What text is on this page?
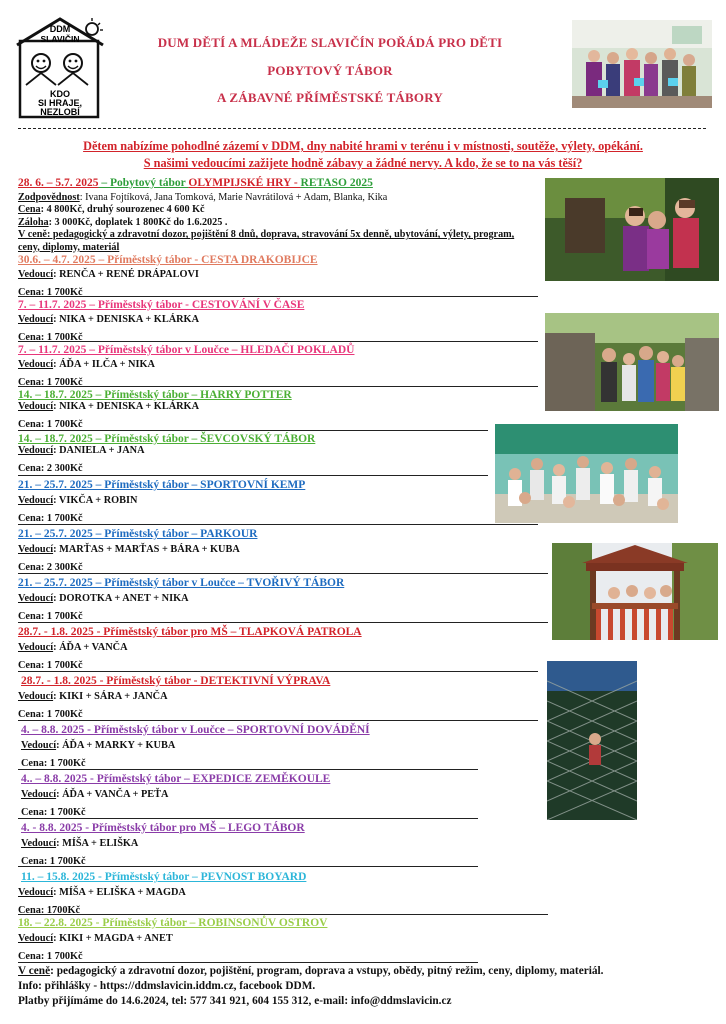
DDM
SLAVIČIN
KDO
SI HRAJE,
NEZLOBÍ
DUM DĚTÍ A MLÁDEŽE SLAVIČÍN POŘÁDÁ PRO DĚTI
POBYTOVÝ TÁBOR
A ZÁBAVNÉ PŘÍMĚSTSKÉ TÁBORY
Dětem nabízíme pohodlné zázemí v DDM, dny nabité hrami v terénu i v místnosti, soutěže, výlety, opékání.
S našimi vedoucími zažijete hodně zábavy a žádné nervy. A kdo, že se to na vás těší?
28. 6. – 5.7. 2025 – Pobytový tábor OLYMPIJSKÉ HRY - RETASO 2025
Zodpovědnost: Ivana Fojtíková, Jana Tomková, Marie Navrátilová + Adam, Blanka, Kika
Cena: 4 800Kč, druhý sourozenec 4 600 Kč
Záloha: 3 000Kč, doplatek 1 800Kč do 1.6.2025 .
V ceně: pedagogický a zdravotní dozor, pojištění 8 dnů, doprava, stravování 5x denně, ubytování, výlety, program,
ceny, diplomy, materiál
30.6. – 4.7. 2025 – Příměstský tábor - CESTA DRAKOBIJCE
Vedoucí: RENČA + RENÉ DRÁPALOVI
Cena: 1 700Kč
7. – 11.7. 2025 – Příměstský tábor - CESTOVÁNÍ V ČASE
Vedoucí: NIKA + DENISKA + KLÁRKA
Cena: 1 700Kč
7. – 11.7. 2025 – Příměstský tábor v Loučce – HLEDAČI POKLADŮ
Vedoucí: ÁĎA + ILČA + NIKA
Cena: 1 700Kč
14. – 18.7. 2025 – Příměstský tábor – HARRY POTTER
Vedoucí: NIKA + DENISKA + KLÁRKA
Cena: 1 700Kč
14. – 18.7. 2025 – Příměstský tábor – ŠEVCOVSKÝ TÁBOR
Vedoucí: DANIELA + JANA
Cena: 2 300Kč
21. – 25.7. 2025 – Příměstský tábor – SPORTOVNÍ KEMP
Vedoucí: VIKČA + ROBIN
Cena: 1 700Kč
21. – 25.7. 2025 – Příměstský tábor – PARKOUR
Vedoucí: MARŤAS + MARŤAS + BÁRA + KUBA
Cena: 2 300Kč
21. – 25.7. 2025 – Příměstský tábor v Loučce – TVOŘIVÝ TÁBOR
Vedoucí: DOROTKA + ANET + NIKA
Cena: 1 700Kč
28.7. - 1.8. 2025 - Příměstský tábor pro MŠ – TLAPKOVÁ PATROLA
Vedoucí: ÁĎA + VANČA
Cena: 1 700Kč
28.7. - 1.8. 2025 - Příměstský tábor - DETEKTIVNÍ VÝPRAVA
Vedoucí: KIKI + SÁRA + JANČA
Cena: 1 700Kč
4. – 8.8. 2025 - Příměstský tábor v Loučce – SPORTOVNÍ DOVÁDĚNÍ
Vedoucí: ÁĎA + MARKY + KUBA
Cena: 1 700Kč
4.. – 8.8. 2025 - Příměstský tábor – EXPEDICE ZEMĚKOULE
Vedoucí: ÁĎA + VANČA + PEŤA
Cena: 1 700Kč
4. - 8.8. 2025 - Příměstský tábor pro MŠ – LEGO TÁBOR
Vedoucí: MÍŠA + ELIŠKA
Cena: 1 700Kč
11. – 15.8. 2025 - Příměstský tábor – PEVNOST BOYARD
Vedoucí: MÍŠA + ELIŠKA + MAGDA
Cena: 1700Kč
18. – 22.8. 2025 - Příměstský tábor – ROBINSONŮV OSTROV
Vedoucí: KIKI + MAGDA + ANET
Cena: 1 700Kč
V ceně: pedagogický a zdravotní dozor, pojištění, program, doprava a vstupy, obědy, pitný režim, ceny, diplomy, materiál.
Info: přihlášky - https://ddmslavicin.iddm.cz, facebook DDM.
Platby přijímáme do 14.6.2024, tel: 577 341 921, 604 155 312, e-mail: info@ddmslavicin.cz
